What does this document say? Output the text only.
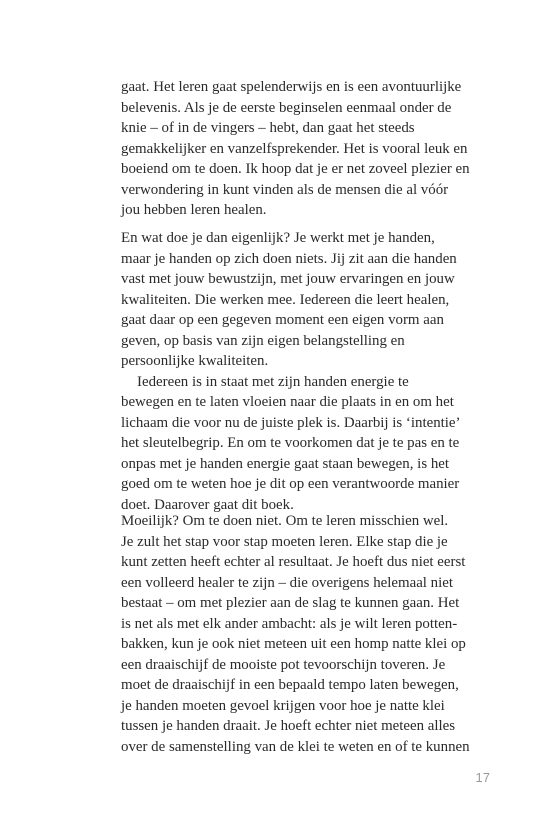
gaat. Het leren gaat spelenderwijs en is een avontuurlijke
belevenis. Als je de eerste beginselen eenmaal onder de
knie – of in de vingers – hebt, dan gaat het steeds
gemakkelijker en vanzelfsprekender. Het is vooral leuk en
boeiend om te doen. Ik hoop dat je er net zoveel plezier en
verwondering in kunt vinden als de mensen die al vóór
jou hebben leren healen.
En wat doe je dan eigenlijk? Je werkt met je handen,
maar je handen op zich doen niets. Jij zit aan die handen
vast met jouw bewustzijn, met jouw ervaringen en jouw
kwaliteiten. Die werken mee. Iedereen die leert healen,
gaat daar op een gegeven moment een eigen vorm aan
geven, op basis van zijn eigen belangstelling en
persoonlijke kwaliteiten.
Iedereen is in staat met zijn handen energie te
bewegen en te laten vloeien naar die plaats in en om het
lichaam die voor nu de juiste plek is. Daarbij is ‘intentie’
het sleutelbegrip. En om te voorkomen dat je te pas en te
onpas met je handen energie gaat staan bewegen, is het
goed om te weten hoe je dit op een verantwoorde manier
doet. Daarover gaat dit boek.
Moeilijk? Om te doen niet. Om te leren misschien wel.
Je zult het stap voor stap moeten leren. Elke stap die je
kunt zetten heeft echter al resultaat. Je hoeft dus niet eerst
een volleerd healer te zijn – die overigens helemaal niet
bestaat – om met plezier aan de slag te kunnen gaan. Het
is net als met elk ander ambacht: als je wilt leren potten-
bakken, kun je ook niet meteen uit een homp natte klei op
een draaischijf de mooiste pot tevoorschijn toveren. Je
moet de draaischijf in een bepaald tempo laten bewegen,
je handen moeten gevoel krijgen voor hoe je natte klei
tussen je handen draait. Je hoeft echter niet meteen alles
over de samenstelling van de klei te weten en of te kunnen
17
